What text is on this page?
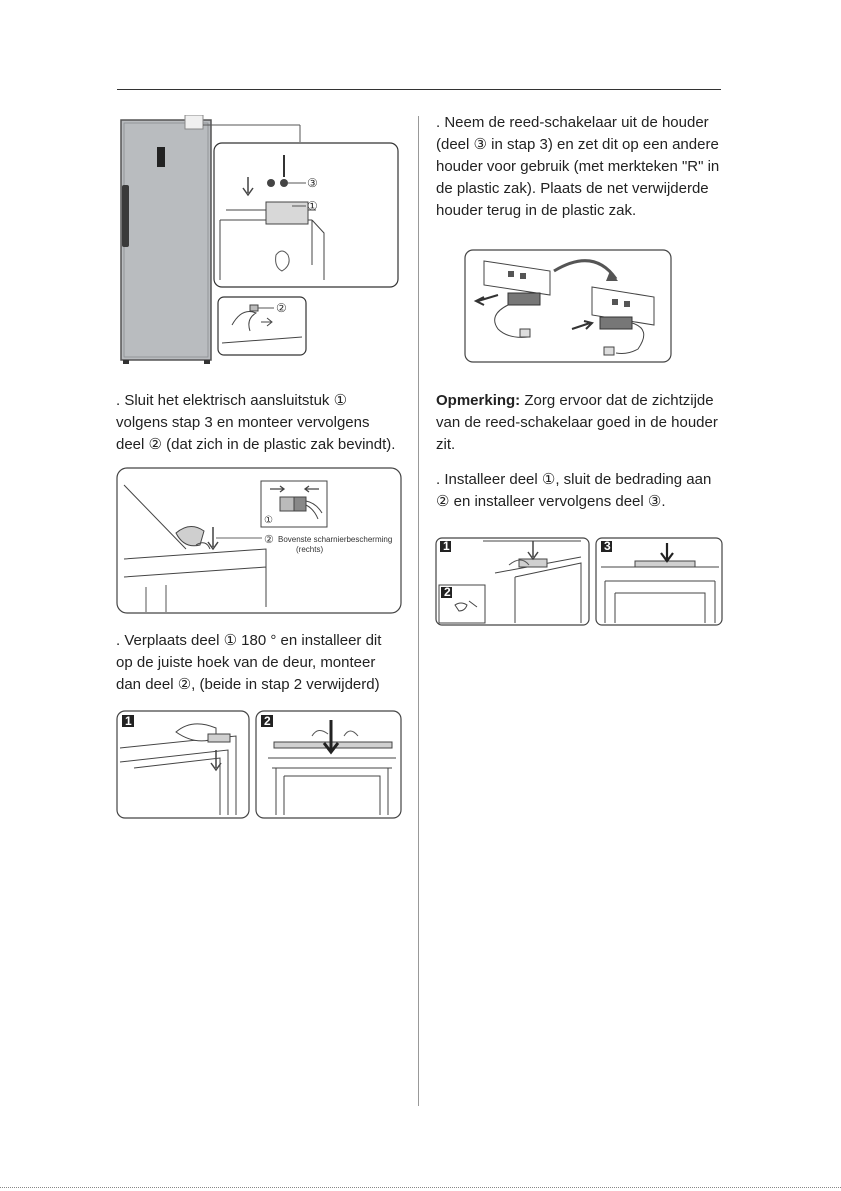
③
①
②

. Sluit het elektrisch aansluitstuk ① volgens stap 3 en monteer vervolgens deel ② (dat zich in de plastic zak bevindt).

①
② Bovenste scharnierbescherming
(rechts)

. Verplaats deel ① 180 ° en installeer dit op de juiste hoek van de deur, monteer dan deel ②, (beide in stap 2 verwijderd)

1	2

. Neem de reed-schakelaar uit de houder (deel ③ in stap 3) en zet dit op een andere houder voor gebruik (met merkteken "R" in de plastic zak). Plaats de net verwijderde houder terug in de plastic zak.

Opmerking: Zorg ervoor dat de zichtzijde van de reed-schakelaar goed in de houder zit.

. Installeer deel ①, sluit de bedrading aan ② en installeer vervolgens deel ③.

1
2
3
